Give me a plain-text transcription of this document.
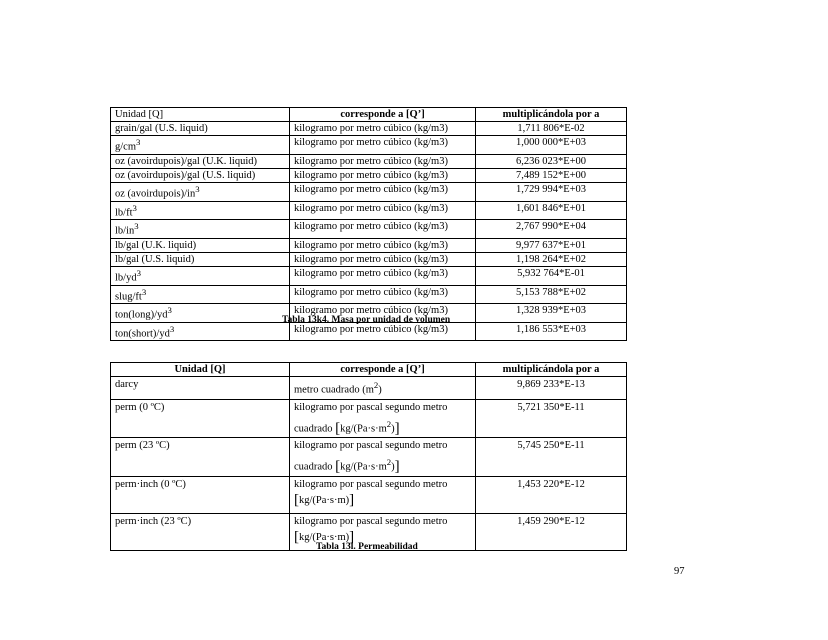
Unidad [Q]	corresponde a [Q’]	multiplicándola por a
grain/gal (U.S. liquid)	kilogramo por metro cúbico (kg/m3)	1,711 806*E-02
$g/cm^3$	kilogramo por metro cúbico (kg/m3)	1,000 000*E+03
oz (avoirdupois)/gal (U.K. liquid)	kilogramo por metro cúbico (kg/m3)	6,236 023*E+00
oz (avoirdupois)/gal (U.S. liquid)	kilogramo por metro cúbico (kg/m3)	7,489 152*E+00
oz $(avoirdupois)/in^3$	kilogramo por metro cúbico (kg/m3)	1,729 994*E+03
$lb/ft^3$	kilogramo por metro cúbico (kg/m3)	1,601 846*E+01
$lb/in^3$	kilogramo por metro cúbico (kg/m3)	2,767 990*E+04
lb/gal (U.K. liquid)	kilogramo por metro cúbico (kg/m3)	9,977 637*E+01
lb/gal (U.S. liquid)	kilogramo por metro cúbico (kg/m3)	1,198 264*E+02
$lb/yd^3$	kilogramo por metro cúbico (kg/m3)	5,932 764*E-01
slug/$ft^3$	kilogramo por metro cúbico (kg/m3)	5,153 788*E+02
$ton(long)/yd^3$	kilogramo por metro cúbico (kg/m3)	1,328 939*E+03
$ton(short)/yd^3$	kilogramo por metro cúbico (kg/m3)	1,186 553*E+03
Tabla 13k4. Masa por unidad de volumen
Unidad [Q]	corresponde a [Q’]	multiplicándola por a
darcy	metro cuadrado $(m^2)$	9,869 233*E-13
perm (0 ºC)	kilogramo por pascal segundo metro cuadrado $[kg/(Pa\cdot s\cdot m^2)]$	5,721 350*E-11
perm (23 ºC)	kilogramo por pascal segundo metro cuadrado $[kg/(Pa\cdot s\cdot m^2)]$	5,745 250*E-11
perm·inch (0 ºC)	kilogramo por pascal segundo metro [kg/(Pa·s·m)]	1,453 220*E-12
perm·inch (23 ºC)	kilogramo por pascal segundo metro [kg/(Pa·s·m)]	1,459 290*E-12
Tabla 13l. Permeabilidad
97
